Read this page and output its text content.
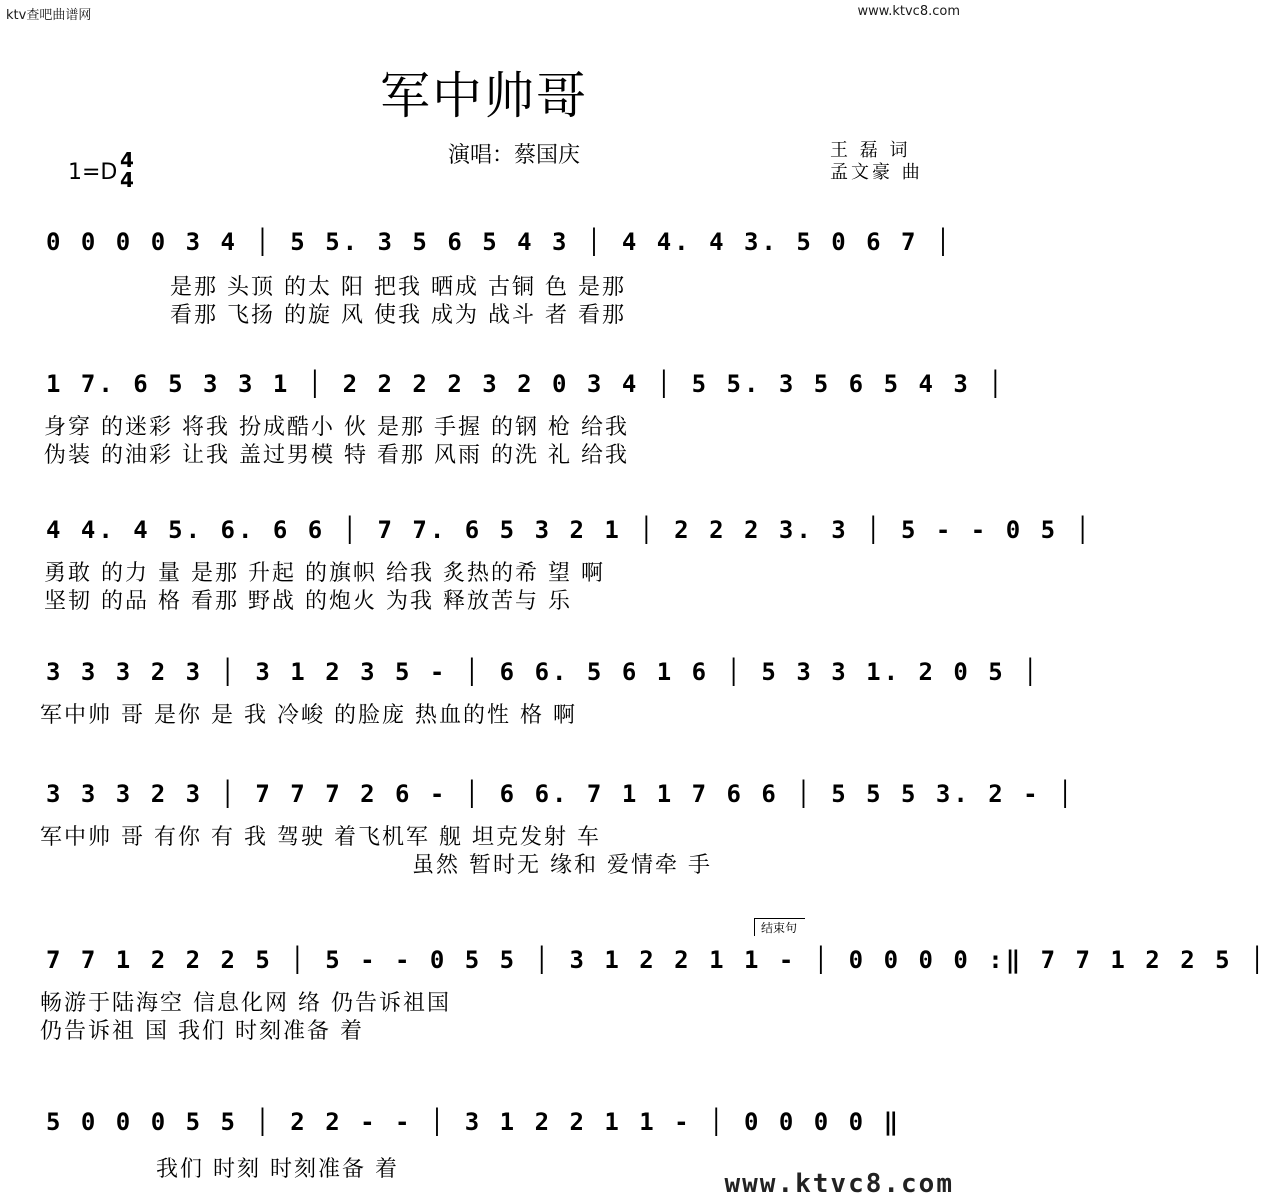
ktv查吧曲谱网	www.ktvc8.com
军中帅哥
演唱：蔡国庆	王 磊 词
孟文豪 曲
1=D 4
4
0 0 0 0 3 4 │ 5 5. 3 5 6 5 4 3 │ 4 4. 4 3. 5 0 6 7 │
是那 头顶 的太 阳 把我 晒成 古铜 色 是那
看那 飞扬 的旋 风 使我 成为 战斗 者 看那
1 7. 6 5 3 3 1 │ 2 2 2 2 3 2 0 3 4 │ 5 5. 3 5 6 5 4 3 │
身穿 的迷彩 将我 扮成酷小 伙 是那 手握 的钢 枪 给我
伪装 的油彩 让我 盖过男模 特 看那 风雨 的洗 礼 给我
4 4. 4 5. 6. 6 6 │ 7 7. 6 5 3 2 1 │ 2 2 2 3. 3 │ 5 - - 0 5 │
勇敢 的力 量 是那 升起 的旗帜 给我 炙热的希 望 啊
坚韧 的品 格 看那 野战 的炮火 为我 释放苦与 乐
3 3 3 2 3 │ 3 1 2 3 5 - │ 6 6. 5 6 1 6 │ 5 3 3 1. 2 0 5 │
军中帅 哥 是你 是 我 冷峻 的脸庞 热血的性 格 啊
3 3 3 2 3 │ 7 7 7 2 6 - │ 6 6. 7 1 1 7 6 6 │ 5 5 5 3. 2 - │
军中帅 哥 有你 有 我 驾驶 着飞机军 舰 坦克发射 车
虽然 暂时无 缘和 爱情牵 手
结束句
7 7 1 2 2 2 5 │ 5 - - 0 5 5 │ 3 1 2 2 1 1 - │ 0 0 0 0 :‖ 7 7 1 2 2 5 │
畅游于陆海空 信息化网 络 仍告诉祖国
仍告诉祖 国 我们 时刻准备 着
5 0 0 0 5 5 │ 2 2 - - │ 3 1 2 2 1 1 - │ 0 0 0 0 ‖
我们 时刻 时刻准备 着	www.ktvc8.com
